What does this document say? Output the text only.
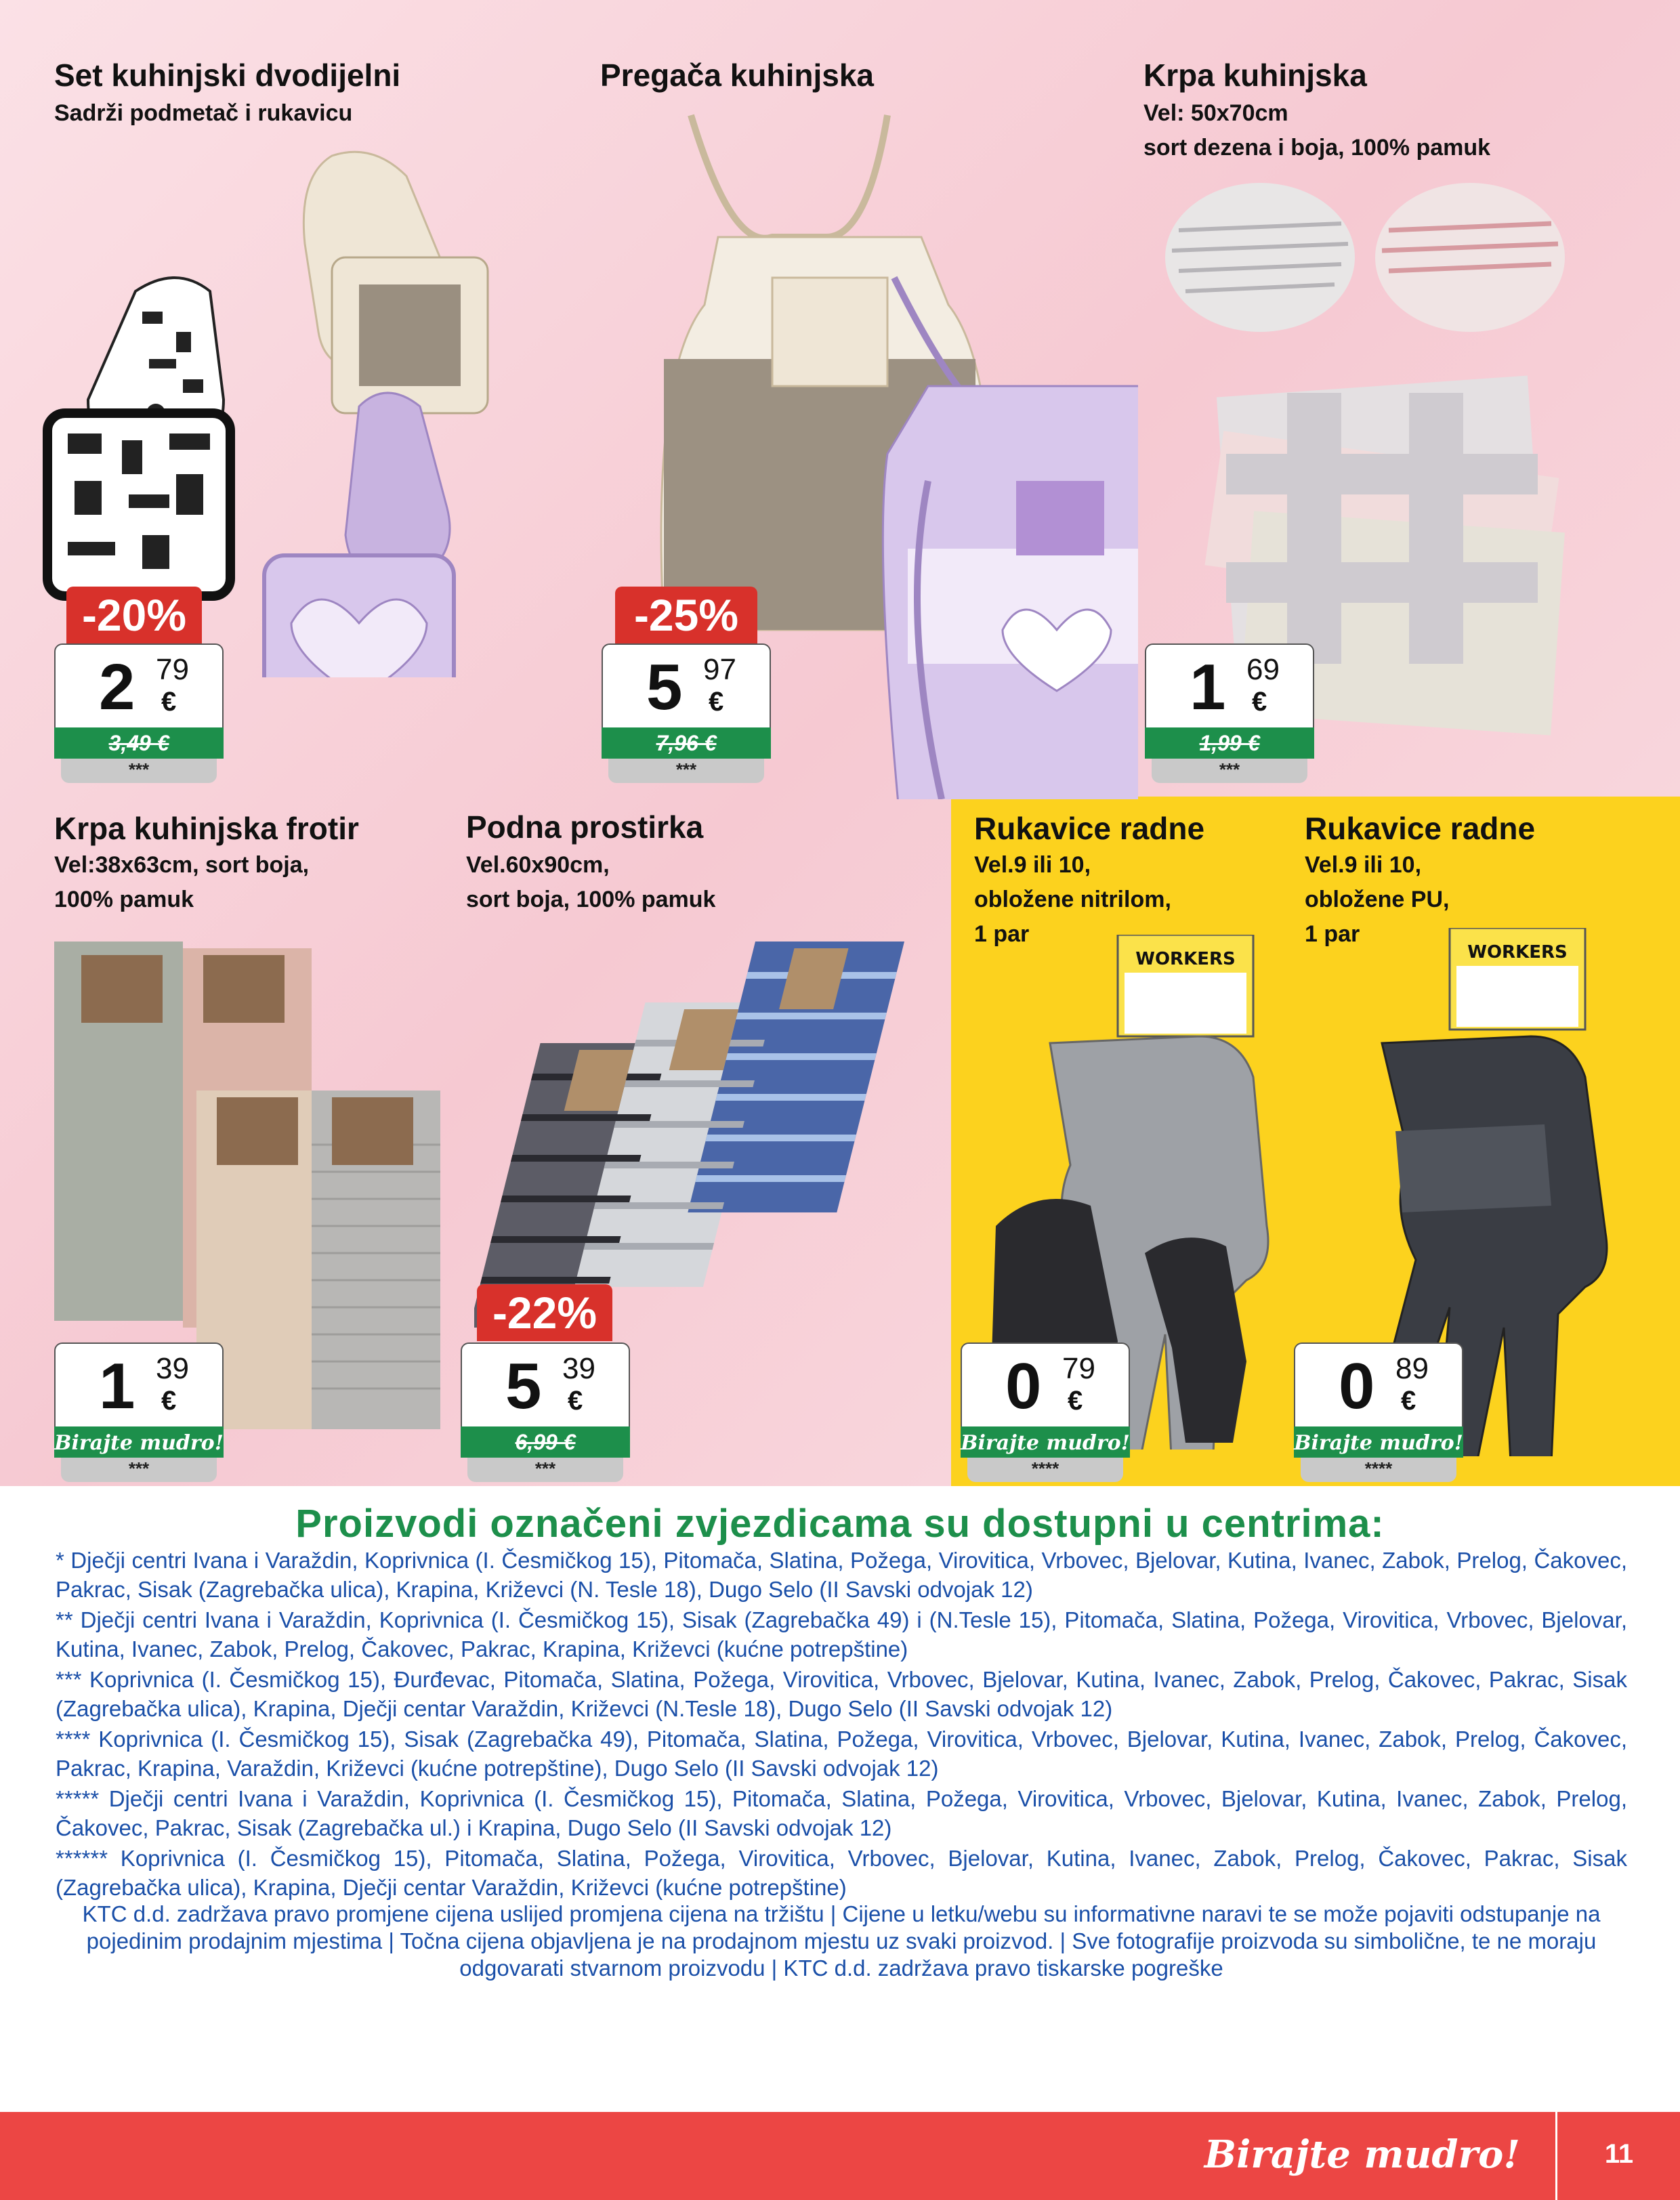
Set kuhinjski dvodijelni
Sadrži podmetač i rukavicu
-20%
2 79
€
3,49 €
***
Pregača kuhinjska
-25%
5 97
€
7,96 €
***
Krpa kuhinjska
Vel: 50x70cm
sort dezena i boja, 100% pamuk
1 69
€
1,99 €
***
Krpa kuhinjska frotir
Vel:38x63cm, sort boja,
100% pamuk
1 39
€
Birajte mudro!
***
Podna prostirka
Vel.60x90cm,
sort boja, 100% pamuk
-22%
5 39
€
6,99 €
***
Rukavice radne
Vel.9 ili 10,
obložene nitrilom,
1 par
WORKERS
0 79
€
Birajte mudro!
****
Rukavice radne
Vel.9 ili 10,
obložene PU,
1 par
WORKERS
0 89
€
Birajte mudro!
****
Proizvodi označeni zvjezdicama su dostupni u centrima:
* Dječji centri Ivana i Varaždin, Koprivnica (I. Česmičkog 15), Pitomača, Slatina, Požega, Virovitica, Vrbovec, Bjelovar, Kutina, Ivanec, Zabok, Prelog, Čakovec, Pakrac, Sisak (Zagrebačka ulica), Krapina, Križevci (N. Tesle 18), Dugo Selo (II Savski odvojak 12)
** Dječji centri Ivana i Varaždin, Koprivnica (I. Česmičkog 15), Sisak (Zagrebačka 49) i (N.Tesle 15), Pitomača, Slatina, Požega, Virovitica, Vrbovec, Bjelovar, Kutina, Ivanec, Zabok, Prelog, Čakovec, Pakrac, Krapina, Križevci (kućne potrepštine)
*** Koprivnica (I. Česmičkog 15), Đurđevac, Pitomača, Slatina, Požega, Virovitica, Vrbovec, Bjelovar, Kutina, Ivanec, Zabok, Prelog, Čakovec, Pakrac, Sisak (Zagrebačka ulica), Krapina, Dječji centar Varaždin, Križevci (N.Tesle 18), Dugo Selo (II Savski odvojak 12)
**** Koprivnica (I. Česmičkog 15), Sisak (Zagrebačka 49), Pitomača, Slatina, Požega, Virovitica, Vrbovec, Bjelovar, Kutina, Ivanec, Zabok, Prelog, Čakovec, Pakrac, Krapina, Varaždin, Križevci (kućne potrepštine), Dugo Selo (II Savski odvojak 12)
***** Dječji centri Ivana i Varaždin, Koprivnica (I. Česmičkog 15), Pitomača, Slatina, Požega, Virovitica, Vrbovec, Bjelovar, Kutina, Ivanec, Zabok, Prelog, Čakovec, Pakrac, Sisak (Zagrebačka ul.) i Krapina, Dugo Selo (II Savski odvojak 12)
****** Koprivnica (I. Česmičkog 15), Pitomača, Slatina, Požega, Virovitica, Vrbovec, Bjelovar, Kutina, Ivanec, Zabok, Prelog, Čakovec, Pakrac, Sisak (Zagrebačka ulica), Krapina, Dječji centar Varaždin, Križevci (kućne potrepštine)
KTC d.d. zadržava pravo promjene cijena uslijed promjena cijena na tržištu | Cijene u letku/webu su informativne naravi te se može pojaviti odstupanje na pojedinim prodajnim mjestima | Točna cijena objavljena je na prodajnom mjestu uz svaki proizvod. | Sve fotografije proizvoda su simbolične, te ne moraju odgovarati stvarnom proizvodu | KTC d.d. zadržava pravo tiskarske pogreške
Birajte mudro!	11
